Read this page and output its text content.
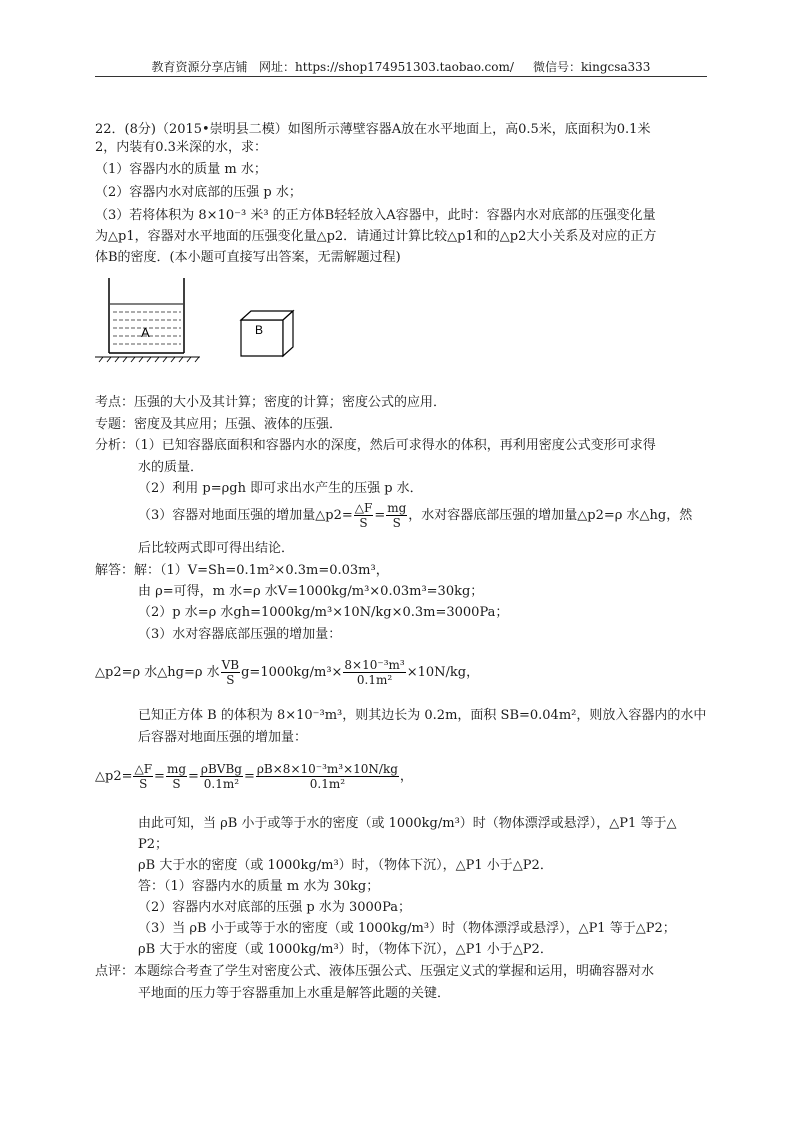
教育资源分享店铺 网址：https://shop174951303.taobao.com/ 微信号：kingcsa333
22．(8分)（2015•崇明县二模）如图所示薄壁容器A放在水平地面上，高0.5米，底面积为0.1米
2，内装有0.3米深的水，求：
（1）容器内水的质量 m 水；
（2）容器内水对底部的压强 p 水；
（3）若将体积为 8×10⁻³ 米³ 的正方体B轻轻放入A容器中，此时：容器内水对底部的压强变化量
为△p1，容器对水平地面的压强变化量△p2．请通过计算比较△p1和的△p2大小关系及对应的正方
体B的密度．(本小题可直接写出答案，无需解题过程)
A	B
考点：压强的大小及其计算；密度的计算；密度公式的应用．
专题：密度及其应用；压强、液体的压强．
分析：（1）已知容器底面积和容器内水的深度，然后可求得水的体积，再利用密度公式变形可求得
水的质量．
（2）利用 p=ρgh 即可求出水产生的压强 p 水．
（3）容器对地面压强的增加量△p2= $\frac{\triangle F}{S} = \frac{mg}{S}$ ，水对容器底部压强的增加量△p2=ρ 水△hg，然
后比较两式即可得出结论．
解答：解：（1）V=Sh=0.1m²×0.3m=0.03m³，
由 ρ=可得，m 水=ρ 水V=1000kg/m³×0.03m³=30kg；
（2）p 水=ρ 水gh=1000kg/m³×10N/kg×0.3m=3000Pa；
（3）水对容器底部压强的增加量：
△p2=ρ 水△hg=ρ 水 $\frac{VB}{S} g=1000kg/m^3\times \frac{\text{8×10⁻³m³}}{\text{0.1m²}} \times 10N/kg$，
已知正方体 B 的体积为 8×10⁻³m³，则其边长为 0.2m，面积 SB=0.04m²，则放入容器内的水中
后容器对地面压强的增加量：
△p2= $\frac{\triangle F}{S} = \frac{mg}{S} = \frac{\text{ρBVBg}}{\text{0.1m²}} = \frac{\text{ρB×8×10⁻³m³×10N/kg}}{\text{0.1m²}}$ ，
由此可知，当 ρB 小于或等于水的密度（或 1000kg/m³）时（物体漂浮或悬浮），△P1 等于△
P2；
ρB 大于水的密度（或 1000kg/m³）时，（物体下沉），△P1 小于△P2．
答：（1）容器内水的质量 m 水为 30kg；
（2）容器内水对底部的压强 p 水为 3000Pa；
（3）当 ρB 小于或等于水的密度（或 1000kg/m³）时（物体漂浮或悬浮），△P1 等于△P2；
ρB 大于水的密度（或 1000kg/m³）时，（物体下沉），△P1 小于△P2．
点评：本题综合考查了学生对密度公式、液体压强公式、压强定义式的掌握和运用，明确容器对水
平地面的压力等于容器重加上水重是解答此题的关键．
